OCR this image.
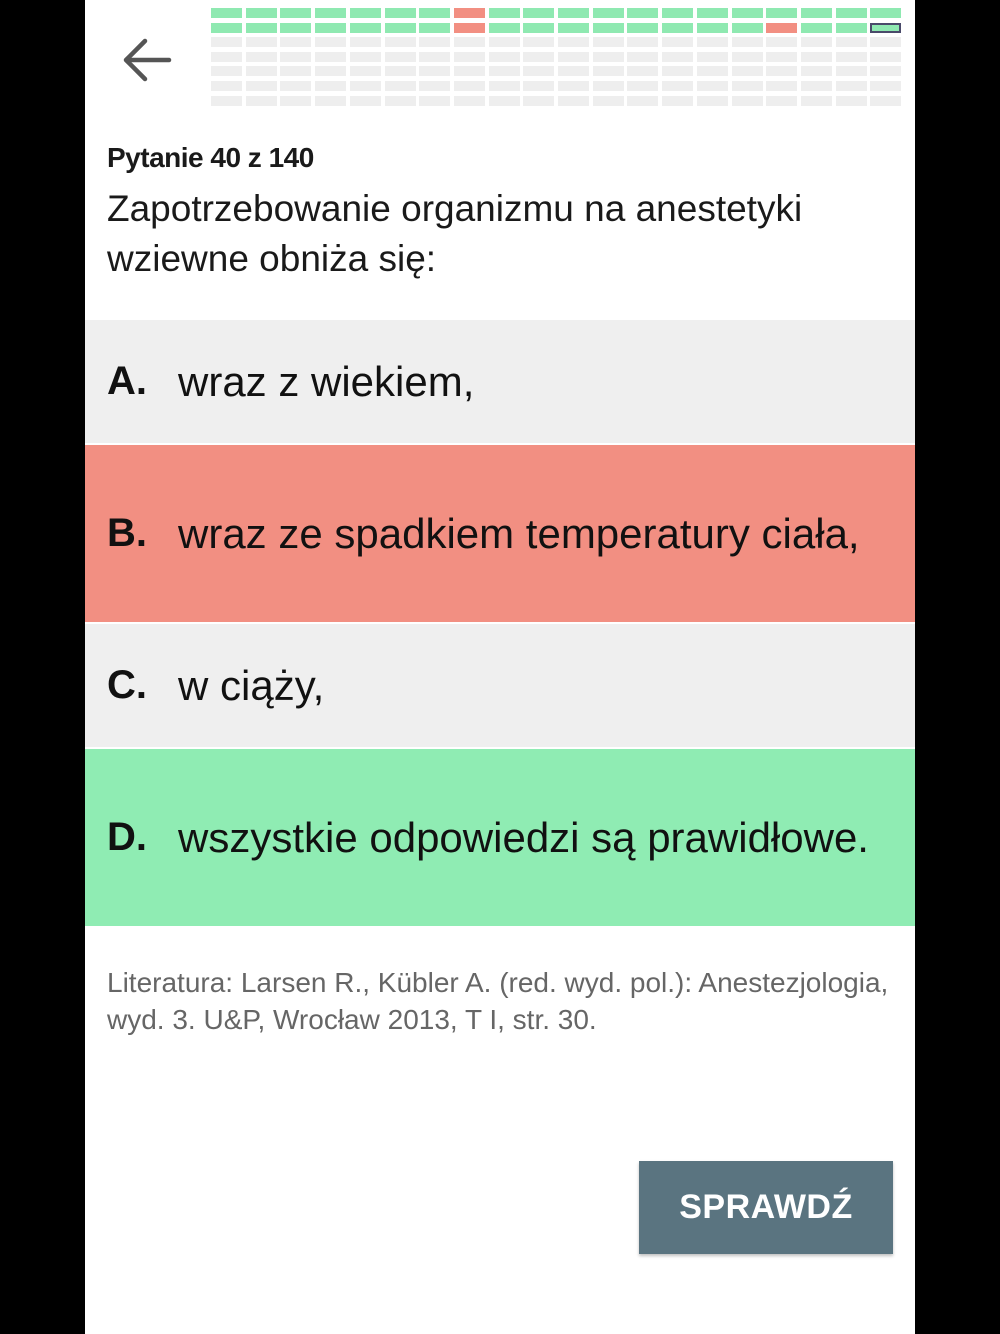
Pytanie 40 z 140
Zapotrzebowanie organizmu na anestetyki wziewne obniża się:
A. wraz z wiekiem,
B. wraz ze spadkiem temperatury ciała,
C. w ciąży,
D. wszystkie odpowiedzi są prawidłowe.
Literatura: Larsen R., Kübler A. (red. wyd. pol.): Anestezjologia, wyd. 3. U&P, Wrocław 2013, T I, str. 30.
SPRAWDŹ
